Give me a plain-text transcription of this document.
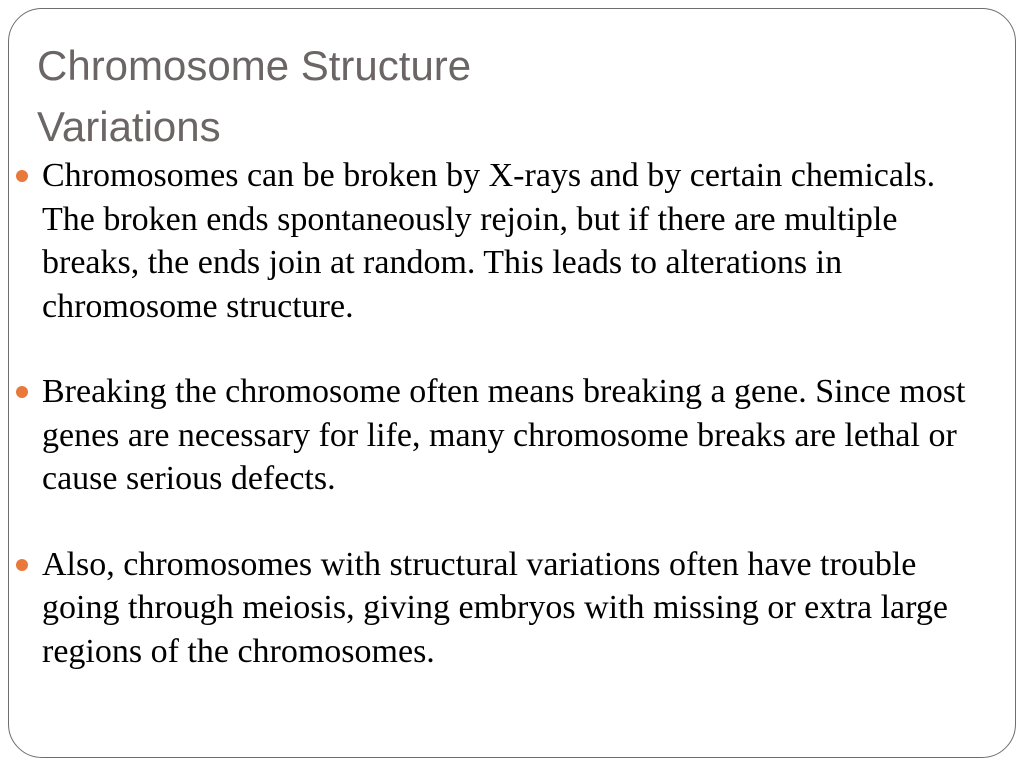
Chromosome Structure
Variations
Chromosomes can be broken by X-rays and by certain chemicals. The broken ends spontaneously rejoin, but if there are multiple breaks, the ends join at random. This leads to alterations in chromosome structure.
Breaking the chromosome often means breaking a gene. Since most genes are necessary for life, many chromosome breaks are lethal or cause serious defects.
Also, chromosomes with structural variations often have trouble going through meiosis, giving embryos with missing or extra large regions of the chromosomes.
